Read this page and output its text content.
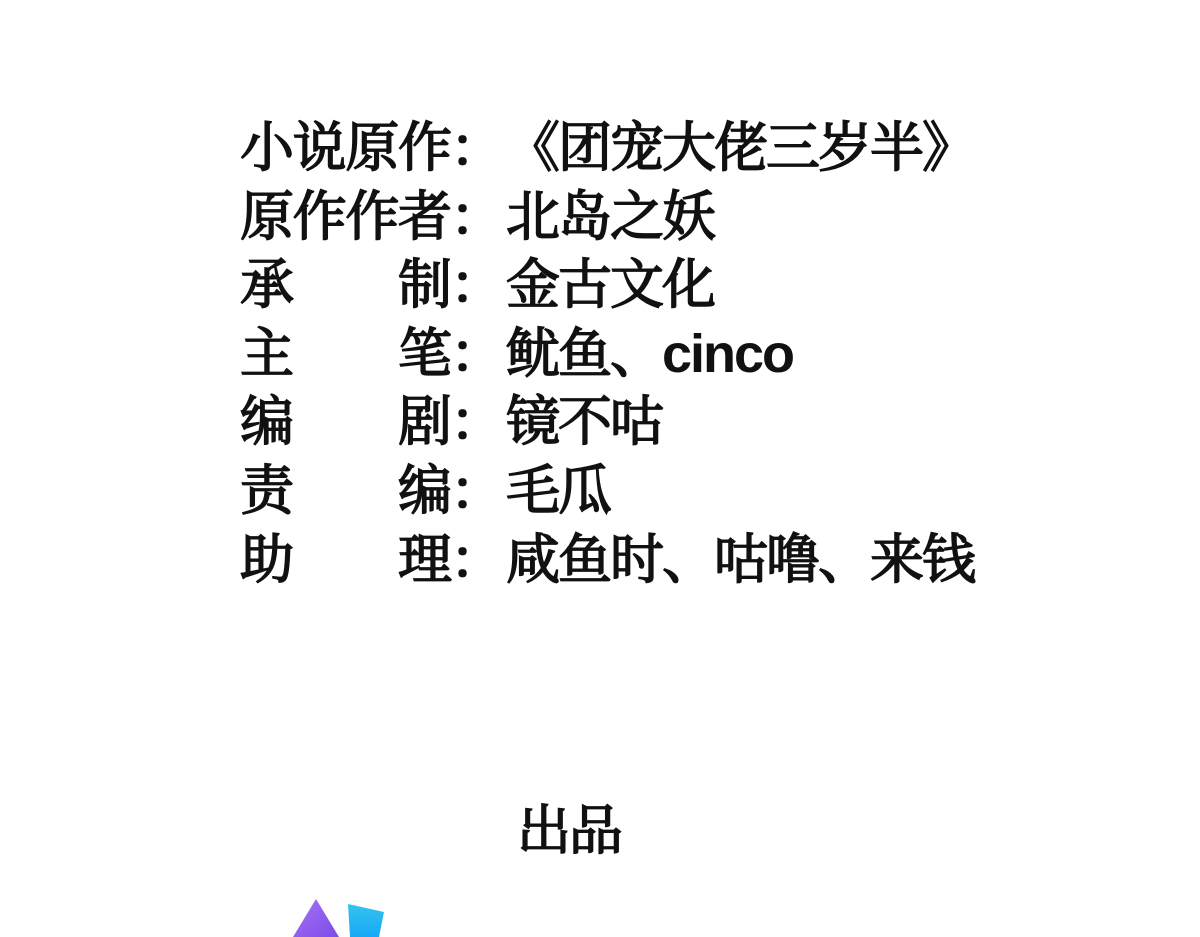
小 说 原 作 ： 《团宠大佬三岁半》
原 作 作 者 ： 北岛之妖
承 制 ： 金古文化
主 笔 ： 鱿鱼、cinco
编 剧 ： 镜不咕
责 编 ： 毛瓜
助 理 ： 咸鱼时、咕噜、来钱
出品
